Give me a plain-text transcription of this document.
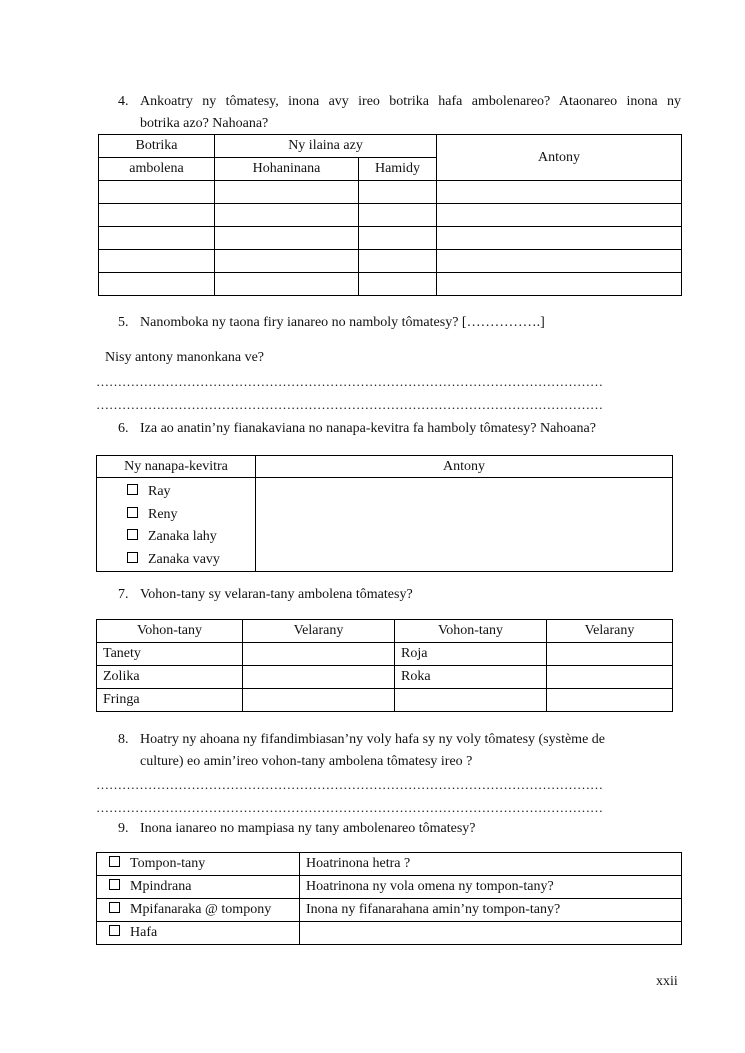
4. Ankoatry ny tômatesy, inona avy ireo botrika hafa ambolenareo? Ataonareo inona ny
botrika azo? Nahoana?
Botrika	Ny ilaina azy		Antony
ambolena	Hohaninana	Hamidy	

5. Nanomboka ny taona firy ianareo no namboly tômatesy? […………….]
Nisy antony manonkana ve?
………………………………………………………………………………………………………
………………………………………………………………………………………………………
6. Iza ao anatin’ny fianakaviana no nanapa-kevitra fa hamboly tômatesy? Nahoana?
Ny nanapa-kevitra	Antony

Ray
Reny
Zanaka lahy
Zanaka vavy	

7. Vohon-tany sy velaran-tany ambolena tômatesy?
Vohon-tany	Velarany	Vohon-tany	Velarany
Tanety		Roja	
Zolika		Roka	
Fringa			
8. Hoatry ny ahoana ny fifandimbiasan’ny voly hafa sy ny voly tômatesy (système de
culture) eo amin’ireo vohon-tany ambolena tômatesy ireo ?
………………………………………………………………………………………………………
………………………………………………………………………………………………………
9. Inona ianareo no mampiasa ny tany ambolenareo tômatesy?
Tompon-tany	Hoatrinona hetra ?
Mpindrana	Hoatrinona ny vola omena ny tompon-tany?
Mpifanaraka @ tompony	Inona ny fifanarahana amin’ny tompon-tany?
Hafa	
xxii
